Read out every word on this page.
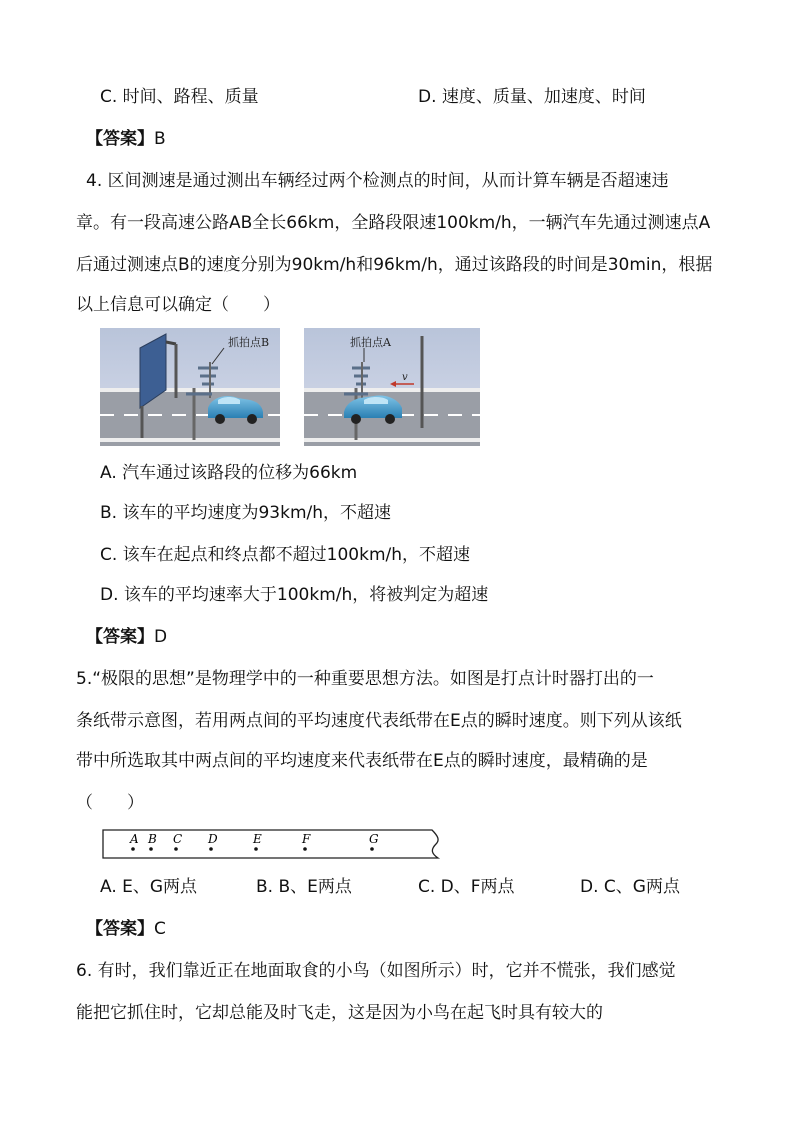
C. 时间、路程、质量	D. 速度、质量、加速度、时间
【答案】B
4. 区间测速是通过测出车辆经过两个检测点的时间，从而计算车辆是否超速违
章。有一段高速公路AB全长66km，全路段限速100km/h，一辆汽车先通过测速点A
后通过测速点B的速度分别为90km/h和96km/h，通过该路段的时间是30min，根据
以上信息可以确定（　　）
抓拍点B
v
抓拍点A
A. 汽车通过该路段的位移为66km
B. 该车的平均速度为93km/h，不超速
C. 该车在起点和终点都不超过100km/h，不超速
D. 该车的平均速率大于100km/h，将被判定为超速
【答案】D
5.“极限的思想”是物理学中的一种重要思想方法。如图是打点计时器打出的一
条纸带示意图，若用两点间的平均速度代表纸带在E点的瞬时速度。则下列从该纸
带中所选取其中两点间的平均速度来代表纸带在E点的瞬时速度，最精确的是
（　　）
A B C D	E	F	G
A. E、G两点	B. B、E两点	C. D、F两点	D. C、G两点
【答案】C
6. 有时，我们靠近正在地面取食的小鸟（如图所示）时，它并不慌张，我们感觉
能把它抓住时，它却总能及时飞走，这是因为小鸟在起飞时具有较大的
